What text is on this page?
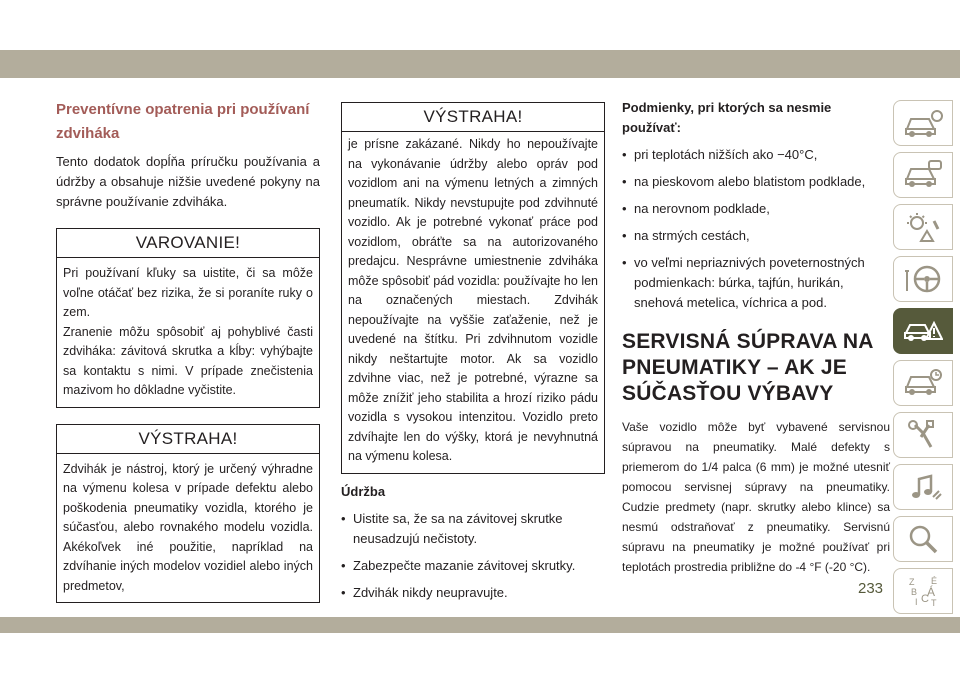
Preventívne opatrenia pri používaní
zdviháka

Tento dodatok dopĺňa príručku používania a údržby a obsahuje nižšie uvedené pokyny na správne používanie zdviháka.

VAROVANIE!
Pri používaní kľuky sa uistite, či sa môže voľne otáčať bez rizika, že si poraníte ruky o zem.
Zranenie môžu spôsobiť aj pohyblivé časti zdviháka: závitová skrutka a kĺby: vyhýbajte sa kontaktu s nimi. V prípade znečistenia mazivom ho dôkladne vyčistite.
VÝSTRAHA!
Zdvihák je nástroj, ktorý je určený výhradne na výmenu kolesa v prípade defektu alebo poškodenia pneumatiky vozidla, ktorého je súčasťou, alebo rovnakého modelu vozidla. Akékoľvek iné použitie, napríklad na zdvíhanie iných modelov vozidiel alebo iných predmetov,
VÝSTRAHA!
je prísne zakázané. Nikdy ho nepoužívajte na vykonávanie údržby alebo opráv pod vozidlom ani na výmenu letných a zimných pneumatík. Nikdy nevstupujte pod zdvihnuté vozidlo. Ak je potrebné vykonať práce pod vozidlom, obráťte sa na autorizovaného predajcu. Nesprávne umiestnenie zdviháka môže spôsobiť pád vozidla: používajte ho len na označených miestach. Zdvihák nepoužívajte na vyššie zaťaženie, než je uvedené na štítku. Pri zdvihnutom vozidle nikdy neštartujte motor. Ak sa vozidlo zdvihne viac, než je potrebné, výrazne sa môže znížiť jeho stabilita a hrozí riziko pádu vozidla s vysokou intenzitou. Vozidlo preto zdvíhajte len do výšky, ktorá je nevyhnutná na výmenu kolesa.
Údržba
• Uistite sa, že sa na závitovej skrutke neusadzujú nečistoty.
• Zabezpečte mazanie závitovej skrutky.
• Zdvihák nikdy neupravujte.
Podmienky, pri ktorých sa nesmie používať:
• pri teplotách nižších ako −40°C,
• na pieskovom alebo blatistom podklade,
• na nerovnom podklade,
• na strmých cestách,
• vo veľmi nepriaznivých poveternostných podmienkach: búrka, tajfún, hurikán, snehová metelica, víchrica a pod.
SERVISNÁ SÚPRAVA NA
PNEUMATIKY – AK JE
SÚČASŤOU VÝBAVY

Vaše vozidlo môže byť vybavené servisnou súpravou na pneumatiky. Malé defekty s priemerom do 1/4 palca (6 mm) je možné utesniť pomocou servisnej súpravy na pneumatiky. Cudzie predmety (napr. skrutky alebo klince) sa nesmú odstraňovať z pneumatiky. Servisnú súpravu na pneumatiky je možné používať pri teplotách prostredia približne do -4 °F (-20 °C).

Z É
B Á
I C T
233
